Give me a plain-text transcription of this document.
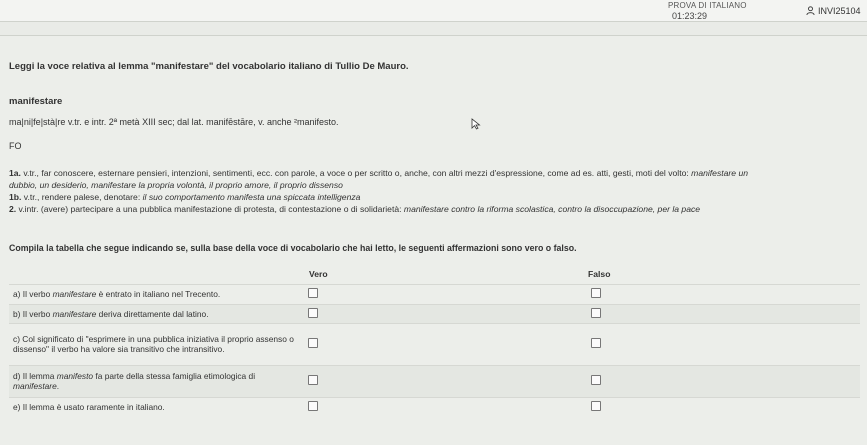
PROVA DI ITALIANO
01:23:29	INVI25104
Leggi la voce relativa al lemma "manifestare" del vocabolario italiano di Tullio De Mauro.
manifestare
ma|ni|fe|stà|re v.tr. e intr. 2ª metà XIII sec; dal lat. manifēstāre, v. anche ²manifesto.
FO
1a. v.tr., far conoscere, esternare pensieri, intenzioni, sentimenti, ecc. con parole, a voce o per scritto o, anche, con altri mezzi d'espressione, come ad es. atti, gesti, moti del volto: manifestare un
dubbio, un desiderio, manifestare la propria volontà, il proprio amore, il proprio dissenso
1b. v.tr., rendere palese, denotare: il suo comportamento manifesta una spiccata intelligenza
2. v.intr. (avere) partecipare a una pubblica manifestazione di protesta, di contestazione o di solidarietà: manifestare contro la riforma scolastica, contro la disoccupazione, per la pace
Compila la tabella che segue indicando se, sulla base della voce di vocabolario che hai letto, le seguenti affermazioni sono vero o falso.
	Vero	Falso
a) Il verbo manifestare è entrato in italiano nel Trecento.		
b) Il verbo manifestare deriva direttamente dal latino.		
c) Col significato di "esprimere in una pubblica iniziativa il proprio assenso o dissenso" il verbo ha valore sia transitivo che intransitivo.		
d) Il lemma manifesto fa parte della stessa famiglia etimologica di manifestare.		
e) Il lemma è usato raramente in italiano.		
